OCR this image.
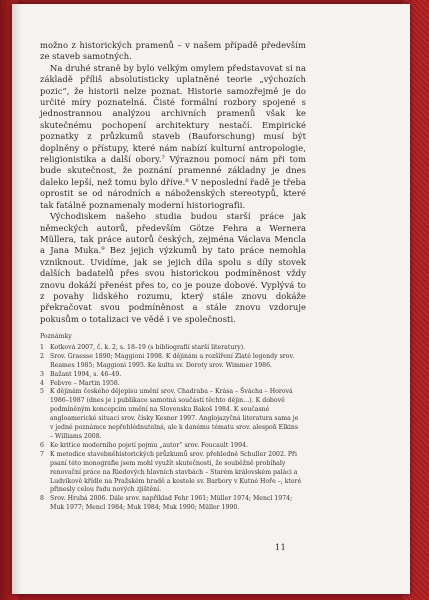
možno z historických pramenů – v našem případě především ze staveb samotných.

Na druhé straně by bylo velkým omylem představovat si na základě příliš absolutisticky uplatněné teorie „výchozích pozic“, že historii nelze poznat. Historie samozřejmě je do určité míry poznatelná. Čisté formální rozbory spojené s jednostrannou analýzou archivních pramenů však ke skutečnému pochopení architektury nestačí. Empirické poznatky z průzkumů staveb (Bauforschung) musí být doplněny o přístupy, které nám nabízí kulturní antropologie, religionistika a další obory.⁷ Výraznou pomocí nám při tom bude skutečnost, že poznání pramenné základny je dnes daleko lepší, než tomu bylo dříve.⁸ V neposlední řadě je třeba oprostit se od národních a náboženských stereotypů, které tak fatálně poznamenaly moderní historiografii.

Východiskem našeho studia budou starší práce jak německých autorů, především Götze Fehra a Wernera Müllera, tak práce autorů českých, zejména Václava Mencla a Jana Muka.⁹ Bez jejich výzkumů by tato práce nemohla vzniknout. Uvidíme, jak se jejich díla spolu s díly stovek dalších badatelů přes svou historickou podmíněnost vždy znovu dokáží přenést přes to, co je pouze dobové. Vyplývá to z povahy lidského rozumu, který stále znovu dokáže překračovat svou podmíněnost a stále znovu vzdoruje pokusům o totalizaci ve vědě i ve společnosti.

Poznámky
1 Kotková 2007, č. k. 2, s. 18–19 (s bibliografií starší literatury).
2 Srov. Graesse 1890; Maggioni 1998. K dějinám a rozšíření Zlaté legendy srov. Reames 1985; Maggioni 1995. Ke kultu sv. Doroty srov. Wimmer 1986.
3 Bažant 1994, s. 46–49.
4 Febvre – Martin 1958.
5 K dějinám českého dějepisu umění srov. Chadraba – Krása – Švácha – Horová 1986–1987 (dnes je i publikace samotná součástí těchto dějin…). K dobově podmíněným koncepcím umění na Slovensku Bakoš 1984. K současné angloamerické situaci srov. čísky Kesner 1997. Anglojazyčná literatura sama je v jedné poznámce nepřehlédnutelná, ale k danému tématu srov. alespoň Elkins – Williams 2008.
6 Ke kritice moderního pojetí pojmu „autor“ srov. Foucault 1994.
7 K metodice stavebněhistorických průzkumů srov. přehledně Schuller 2002. Při psaní této monografie jsem mohl využít skutečnosti, že souběžně probíhaly renovační práce na Riedových hlavních stavbách – Starém královském paláci a Ludvíkově křídle na Pražském hradě a kostele sv. Barbory v Kutné Hoře –, které přinesly celou řadu nových zjištění.
8 Srov. Hrubá 2006. Dále srov. například Fehr 1961; Müller 1974; Mencl 1974; Muk 1977; Mencl 1984; Muk 1984; Muk 1990; Müller 1990.
11
